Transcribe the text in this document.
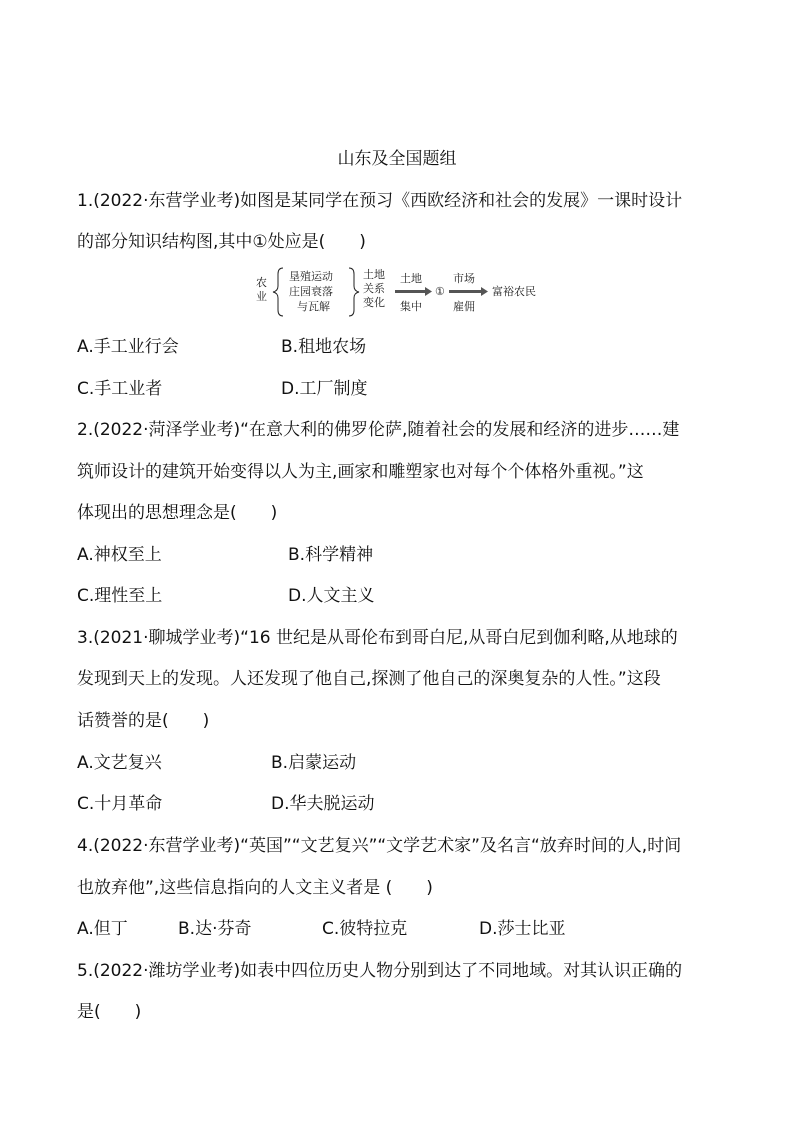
山东及全国题组
1.(2022·东营学业考)如图是某同学在预习《西欧经济和社会的发展》一课时设计
的部分知识结构图,其中①处应是(　　)
农
业
垦殖运动
庄园衰落
与瓦解
土地
关系
变化
土地
集中
①
市场
雇佣
富裕农民
A.手工业行会	B.租地农场
C.手工业者	D.工厂制度
2.(2022·菏泽学业考)“在意大利的佛罗伦萨,随着社会的发展和经济的进步……建
筑师设计的建筑开始变得以人为主,画家和雕塑家也对每个个体格外重视。”这
体现出的思想理念是(　　)
A.神权至上	B.科学精神
C.理性至上	D.人文主义
3.(2021·聊城学业考)“16 世纪是从哥伦布到哥白尼,从哥白尼到伽利略,从地球的
发现到天上的发现。人还发现了他自己,探测了他自己的深奥复杂的人性。”这段
话赞誉的是(　　)
A.文艺复兴	B.启蒙运动
C.十月革命	D.华夫脱运动
4.(2022·东营学业考)“英国”“文艺复兴”“文学艺术家”及名言“放弃时间的人,时间
也放弃他”,这些信息指向的人文主义者是 (　　)
A.但丁	B.达·芬奇	C.彼特拉克	D.莎士比亚
5.(2022·潍坊学业考)如表中四位历史人物分别到达了不同地域。对其认识正确的
是(　　)
